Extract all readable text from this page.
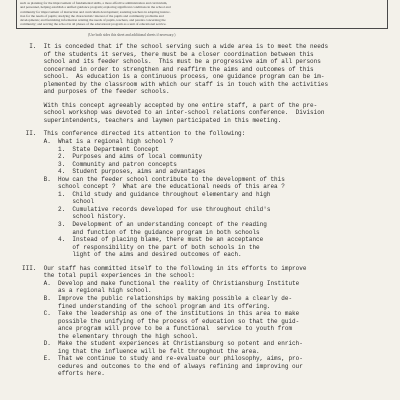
such as planning for the improvement of fundamental skills, a more effective administration and curriculum,

and personnel, helping establish a unified guidance program; exploring significant conditions in the school and

community for improvement of instruction and curriculum development; assisting teachers in adapting instruc-

tion for the needs of pupils; studying the characteristic interest of the pupils and community problems and

developments; and furnishing information relating the needs of pupils, teachers, and parents concerning the

community; and serving the school in all phases of the educational program as a unit of educational service.

(Use both sides this sheet and additional sheets if necessary.)
I.  It is conceded that if the school serving such a wide area is to meet the needs
of the students it serves, there must be a closer coordination between this
school and its feeder schools.  This must be a progressive aim of all persons
concerned in order to strengthen and reaffirm the aims and outcomes of this
school.  As education is a continuous process, one guidance program can be im-
plemented by the classroom with which our staff is in touch with the activities
and purposes of the feeder schools.
With this concept agreeably accepted by one entire staff, a part of the pre-
school workshop was devoted to an inter-school relations conference.  Division
superintendents, teachers and laymen participated in this meeting.
II.  This conference directed its attention to the following:
A.  What is a regional high school ?
1.  State Department Concept
2.  Purposes and aims of local community
3.  Community and patron concepts
4.  Student purposes, aims and advantages
B.  How can the feeder school contribute to the development of this
school concept ?  What are the educational needs of this area ?
1.  Child study and guidance throughout elementary and high
school
2.  Cumulative records developed for use throughout child's
school history.
3.  Development of an understanding concept of the reading
and function of the guidance program in both schools
4.  Instead of placing blame, there must be an acceptance
of responsibility on the part of both schools in the
light of the aims and desired outcomes of each.
III.  Our staff has committed itself to the following in its efforts to improve
the total pupil experiences in the school:
A.  Develop and make functional the reality of Christiansburg Institute
as a regional high school.
B.  Improve the public relationships by making possible a clearly de-
fined understanding of the school program and its offering.
C.  Take the leadership as one of the institutions in this area to make
possible the unifying of the process of education so that the guid-
ance program will prove to be a functional  service to youth from
the elementary through the high school.
D.  Make the student experiences at Christiansburg so potent and enrich-
ing that the influence will be felt throughout the area.
E.  That we continue to study and re-evaluate our philosophy, aims, pro-
cedures and outcomes to the end of always refining and improving our
efforts here.
